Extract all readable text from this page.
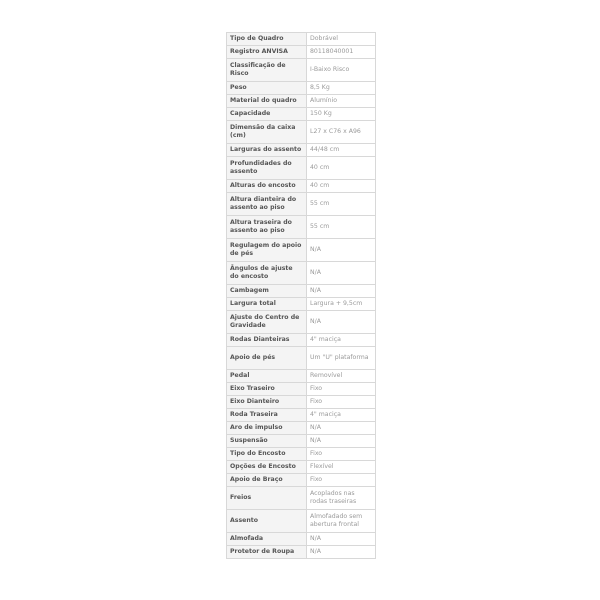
Tipo de Quadro	Dobrável
Registro ANVISA	80118040001
Classificação de Risco	I-Baixo Risco
Peso	8,5 Kg
Material do quadro	Alumínio
Capacidade	150 Kg
Dimensão da caixa (cm)	L27 x C76 x A96
Larguras do assento	44/48 cm
Profundidades do assento	40 cm
Alturas do encosto	40 cm
Altura dianteira do assento ao piso	55 cm
Altura traseira do assento ao piso	55 cm
Regulagem do apoio de pés	N/A
Ângulos de ajuste do encosto	N/A
Cambagem	N/A
Largura total	Largura + 9,5cm
Ajuste do Centro de Gravidade	N/A
Rodas Dianteiras	4" maciça
Apoio de pés	Um "U" plataforma
Pedal	Removível
Eixo Traseiro	Fixo
Eixo Dianteiro	Fixo
Roda Traseira	4" maciça
Aro de impulso	N/A
Suspensão	N/A
Tipo do Encosto	Fixo
Opções de Encosto	Flexível
Apoio de Braço	Fixo
Freios	Acoplados nas rodas traseiras
Assento	Almofadado sem abertura frontal
Almofada	N/A
Protetor de Roupa	N/A
